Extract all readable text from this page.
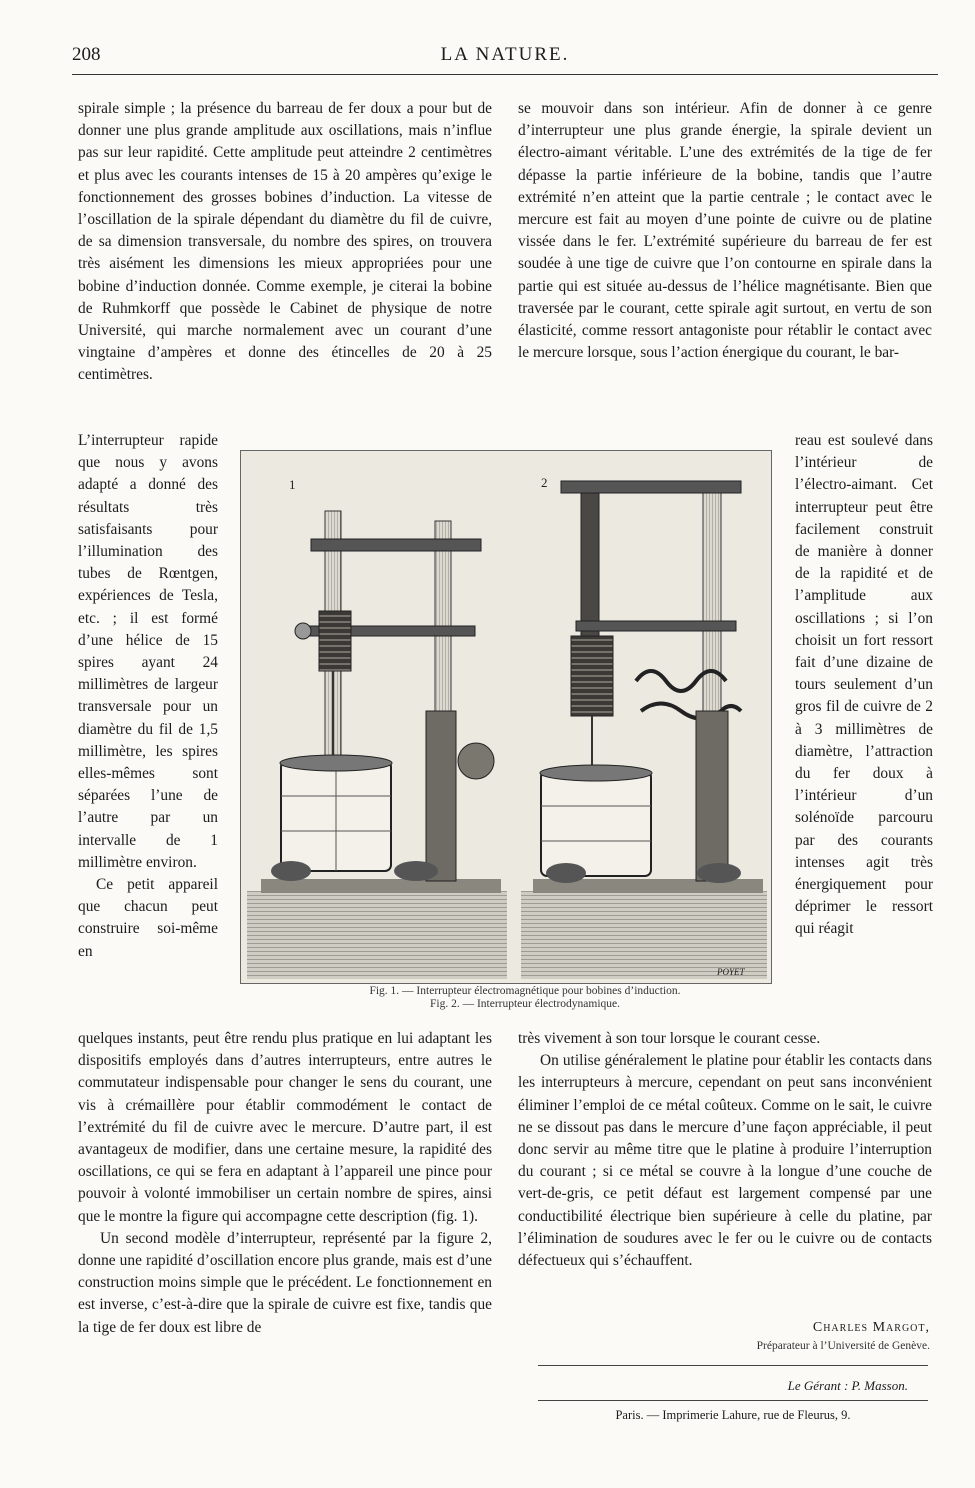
208	LA NATURE.

spirale simple ; la présence du barreau de fer doux a pour but de donner une plus grande amplitude aux oscillations, mais n’influe pas sur leur rapidité. Cette amplitude peut atteindre 2 centimètres et plus avec les courants intenses de 15 à 20 ampères qu’exige le fonctionnement des grosses bobines d’induction. La vitesse de l’oscillation de la spirale dépendant du diamètre du fil de cuivre, de sa dimension transversale, du nombre des spires, on trouvera très aisément les dimensions les mieux appropriées pour une bobine d’induction donnée. Comme exemple, je citerai la bobine de Ruhmkorff que possède le Cabinet de physique de notre Université, qui marche normalement avec un courant d’une vingtaine d’ampères et donne des étincelles de 20 à 25 centimètres.

L’interrupteur rapide que nous y avons adapté a donné des résultats très satisfaisants pour l’illumination des tubes de Rœntgen, expériences de Tesla, etc. ; il est formé d’une hélice de 15 spires ayant 24 millimètres de largeur transversale pour un diamètre du fil de 1,5 millimètre, les spires elles-mêmes sont séparées l’une de l’autre par un intervalle de 1 millimètre environ.

Ce petit appareil que chacun peut construire soi-même en

se mouvoir dans son intérieur. Afin de donner à ce genre d’interrupteur une plus grande énergie, la spirale devient un électro-aimant véritable. L’une des extrémités de la tige de fer dépasse la partie inférieure de la bobine, tandis que l’autre extrémité n’en atteint que la partie centrale ; le contact avec le mercure est fait au moyen d’une pointe de cuivre ou de platine vissée dans le fer. L’extrémité supérieure du barreau de fer est soudée à une tige de cuivre que l’on contourne en spirale dans la partie qui est située au-dessus de l’hélice magnétisante. Bien que traversée par le courant, cette spirale agit surtout, en vertu de son élasticité, comme ressort antagoniste pour rétablir le contact avec le mercure lorsque, sous l’action énergique du courant, le bar-

reau est soulevé dans l’intérieur de l’électro-aimant. Cet interrupteur peut être facilement construit de manière à donner de la rapidité et de l’amplitude aux oscillations ; si l’on choisit un fort ressort fait d’une dizaine de tours seulement d’un gros fil de cuivre de 2 à 3 millimètres de diamètre, l’attraction du fer doux à l’intérieur d’un solénoïde parcouru par des courants intenses agit très énergiquement pour déprimer le ressort qui réagit

1	2
POYET
Fig. 1. — Interrupteur électromagnétique pour bobines d’induction.
Fig. 2. — Interrupteur électrodynamique.

quelques instants, peut être rendu plus pratique en lui adaptant les dispositifs employés dans d’autres interrupteurs, entre autres le commutateur indispensable pour changer le sens du courant, une vis à crémaillère pour établir commodément le contact de l’extrémité du fil de cuivre avec le mercure. D’autre part, il est avantageux de modifier, dans une certaine mesure, la rapidité des oscillations, ce qui se fera en adaptant à l’appareil une pince pour pouvoir à volonté immobiliser un certain nombre de spires, ainsi que le montre la figure qui accompagne cette description (fig. 1).

Un second modèle d’interrupteur, représenté par la figure 2, donne une rapidité d’oscillation encore plus grande, mais est d’une construction moins simple que le précédent. Le fonctionnement en est inverse, c’est-à-dire que la spirale de cuivre est fixe, tandis que la tige de fer doux est libre de

très vivement à son tour lorsque le courant cesse.

On utilise généralement le platine pour établir les contacts dans les interrupteurs à mercure, cependant on peut sans inconvénient éliminer l’emploi de ce métal coûteux. Comme on le sait, le cuivre ne se dissout pas dans le mercure d’une façon appréciable, il peut donc servir au même titre que le platine à produire l’interruption du courant ; si ce métal se couvre à la longue d’une couche de vert-de-gris, ce petit défaut est largement compensé par une conductibilité électrique bien supérieure à celle du platine, par l’élimination de soudures avec le fer ou le cuivre ou de contacts défectueux qui s’échauffent.

Charles Margot,
Préparateur à l’Université de Genève.
Le Gérant : P. Masson.
Paris. — Imprimerie Lahure, rue de Fleurus, 9.
